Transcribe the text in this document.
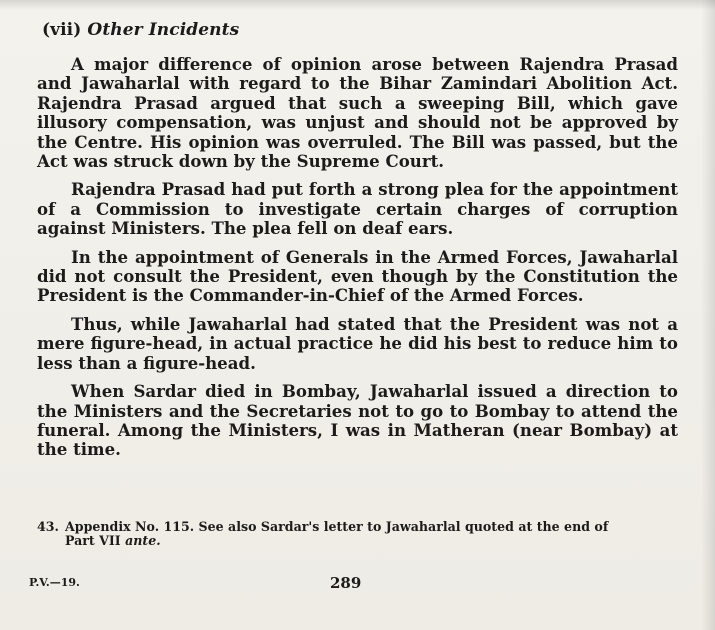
(vii) Other Incidents

A major difference of opinion arose between Rajendra Prasad and Jawaharlal with regard to the Bihar Zamindari Abolition Act. Rajendra Prasad argued that such a sweeping Bill, which gave illusory compensation, was unjust and should not be approved by the Centre. His opinion was overruled. The Bill was passed, but the Act was struck down by the Supreme Court.

Rajendra Prasad had put forth a strong plea for the appointment of a Commission to investigate certain charges of corruption against Ministers. The plea fell on deaf ears.

In the appointment of Generals in the Armed Forces, Jawaharlal did not consult the President, even though by the Constitution the President is the Commander-in-Chief of the Armed Forces.

Thus, while Jawaharlal had stated that the President was not a mere figure-head, in actual practice he did his best to reduce him to less than a figure-head.

When Sardar died in Bombay, Jawaharlal issued a direction to the Ministers and the Secretaries not to go to Bombay to attend the funeral. Among the Ministers, I was in Matheran (near Bombay) at the time.

43. Appendix No. 115. See also Sardar's letter to Jawaharlal quoted at the end of
Part VII ante.
P.V.—19.	289
